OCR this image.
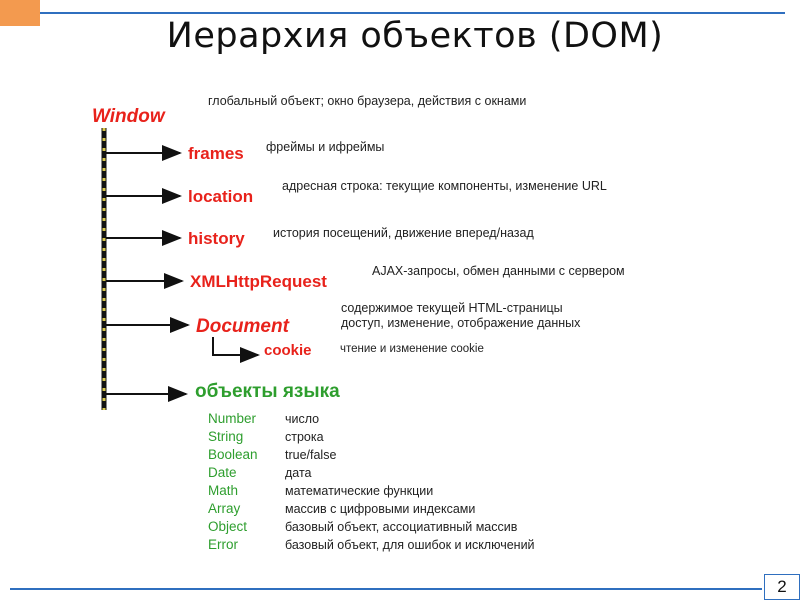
Иерархия объектов (DOM)
Window
глобальный объект; окно браузера, действия с окнами
frames фреймы и ифреймы
location
адресная строка: текущие компоненты, изменение URL
history история посещений, движение вперед/назад
XMLHttpRequest
AJAX-запросы, обмен данными с сервером
Document
содержимое текущей HTML-страницы
доступ, изменение, отображение данных
cookie чтение и изменение cookie
объекты языка
Number число
String	строка
Boolean true/false
Date	дата
Math	математические функции
Array	массив с цифровыми индексами
Object	базовый объект, ассоциативный массив
Error	базовый объект, для ошибок и исключений
2
